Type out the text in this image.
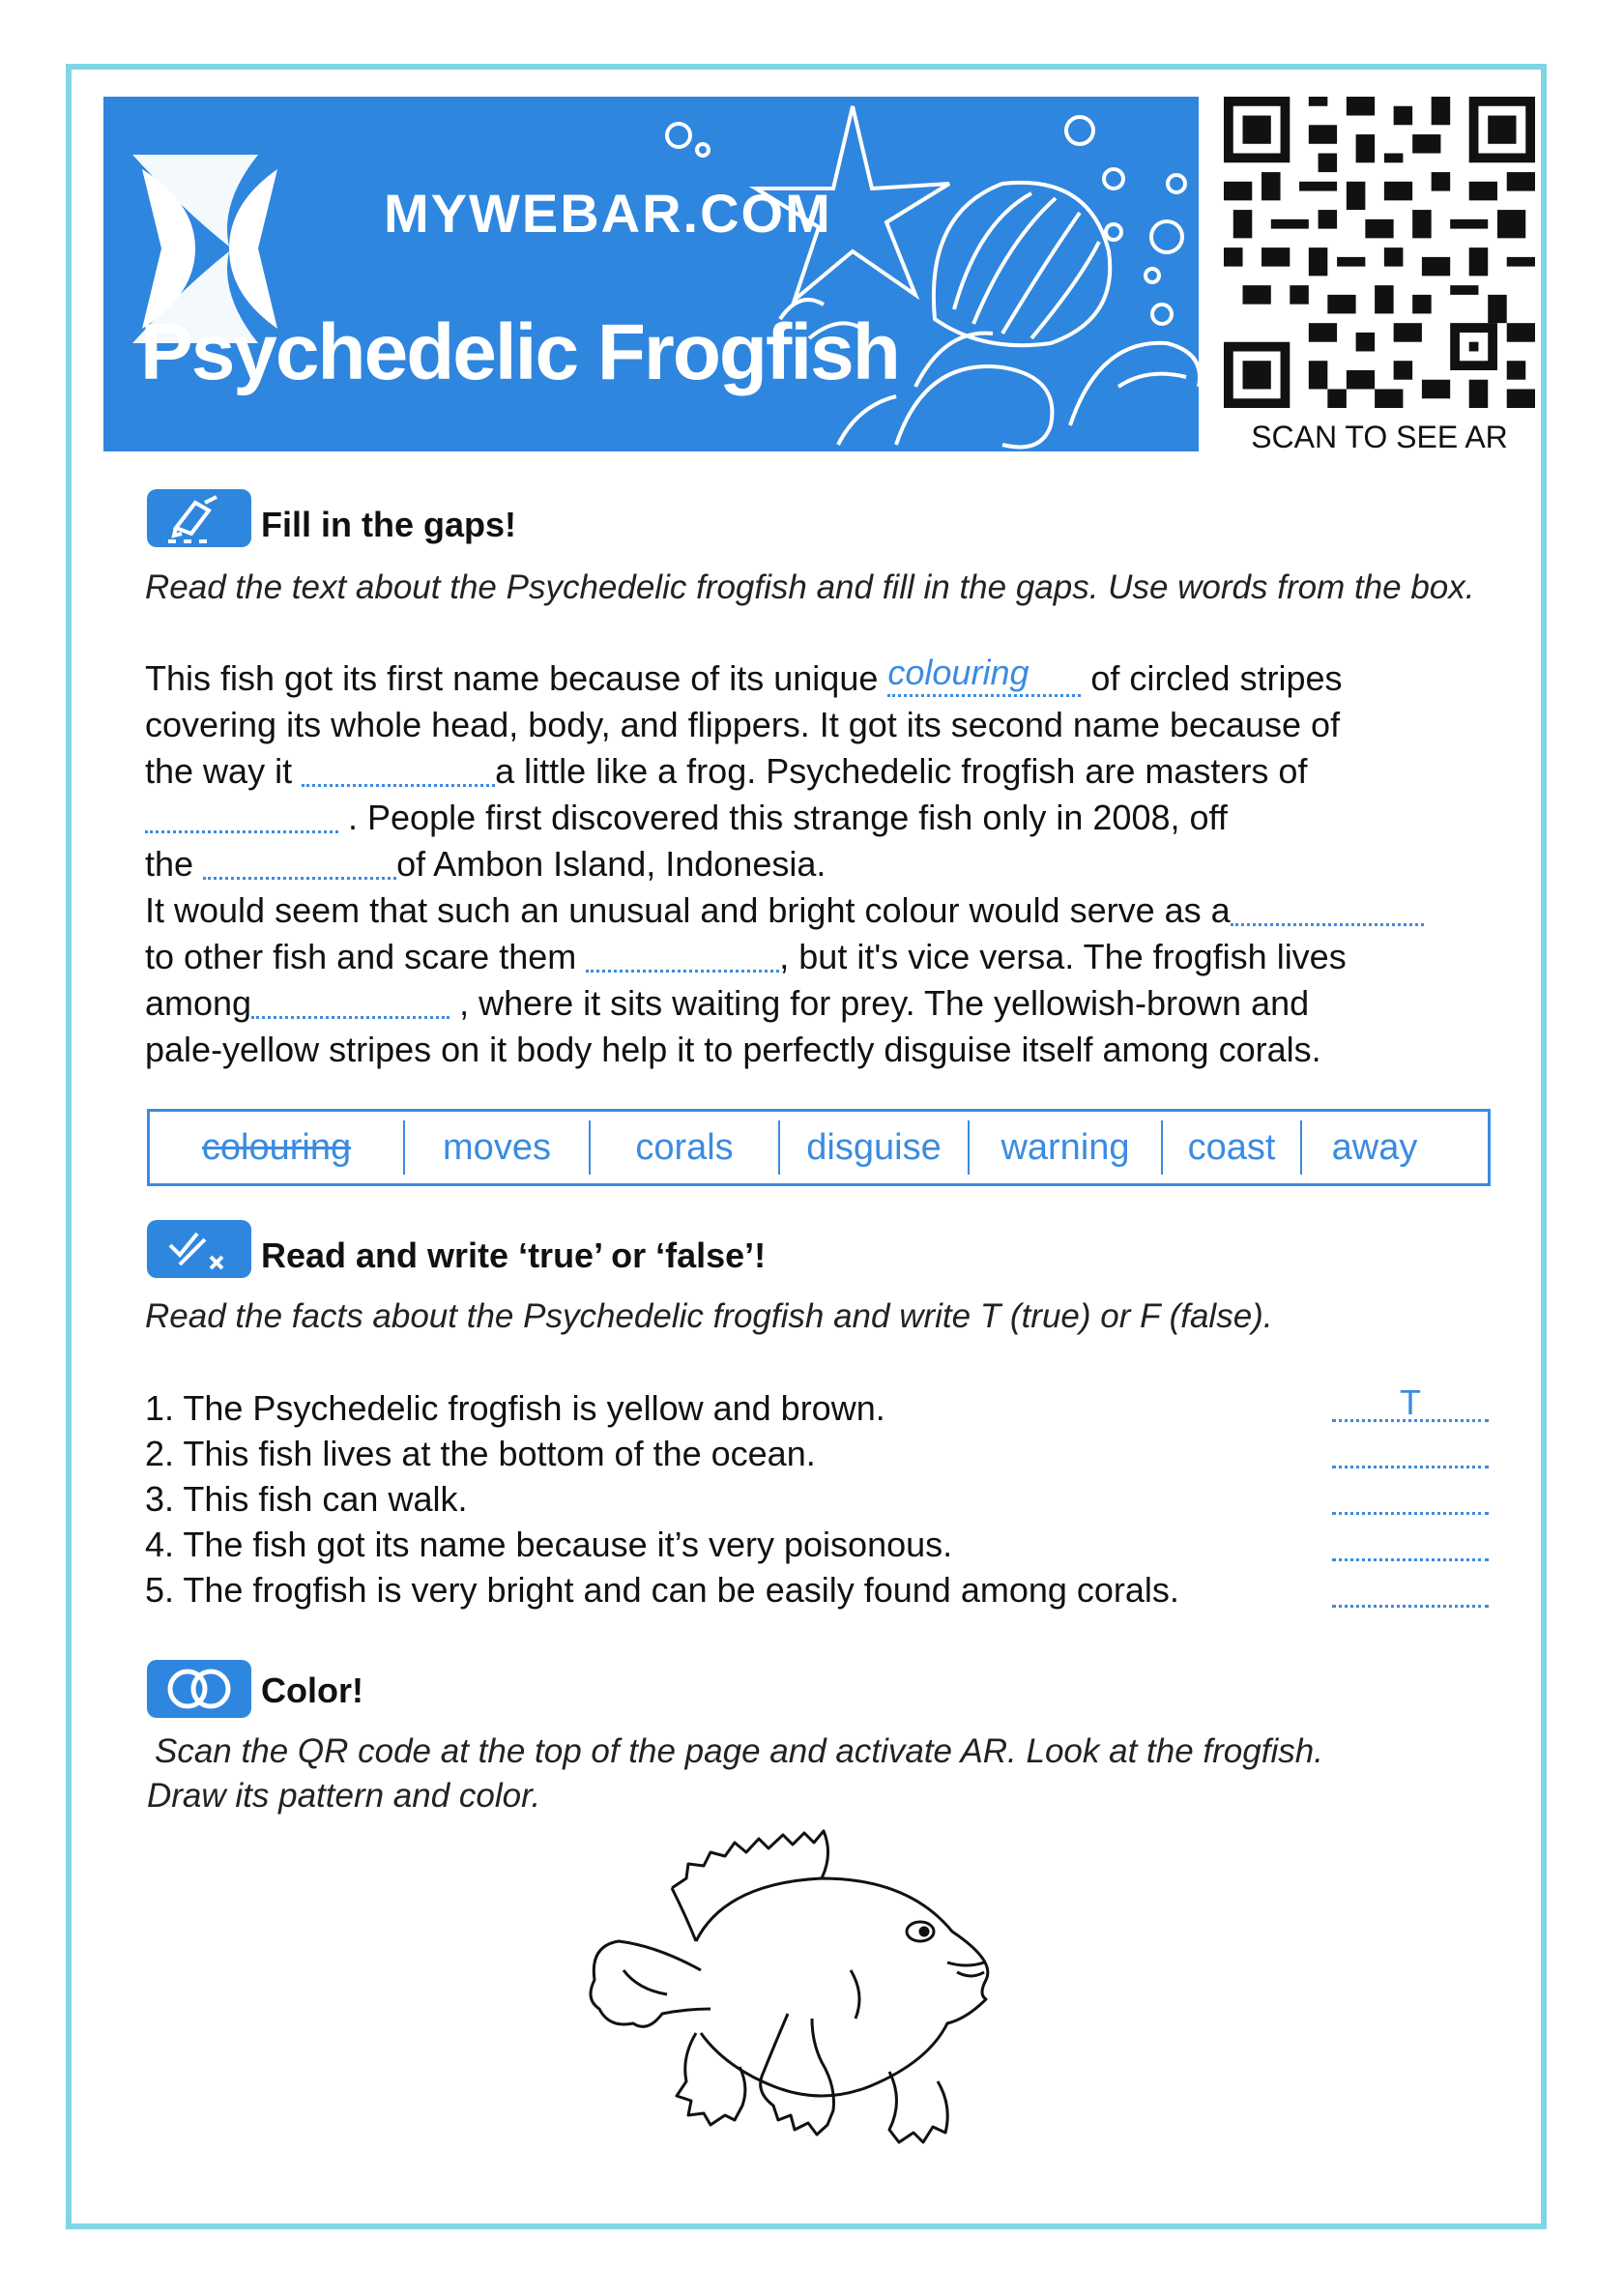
MYWEBAR.COM
Psychedelic Frogfish
SCAN TO SEE AR
Fill in the gaps!
Read the text about the Psychedelic frogfish and fill in the gaps. Use words from the box.
This fish got its first name because of its unique colouring of circled stripes
covering its whole head, body, and flippers. It got its second name because of
the way it	a little like a frog. Psychedelic frogfish are masters of
. People first discovered this strange fish only in 2008, off
the	of Ambon Island, Indonesia.
It would seem that such an unusual and bright colour would serve as a
to other fish and scare them	, but it's vice versa. The frogfish lives
among	, where it sits waiting for prey. The yellowish-brown and
pale-yellow stripes on it body help it to perfectly disguise itself among corals.
colouring	moves	corals	disguise	warning	coast	away
Read and write ‘true’ or ‘false’!
Read the facts about the Psychedelic frogfish and write T (true) or F (false).
1. The Psychedelic frogfish is yellow and brown.
2. This fish lives at the bottom of the ocean.
3. This fish can walk.
4. The fish got its name because it’s very poisonous.
5. The frogfish is very bright and can be easily found among corals.
T
Color!
Scan the QR code at the top of the page and activate AR. Look at the frogfish.
Draw its pattern and color.
